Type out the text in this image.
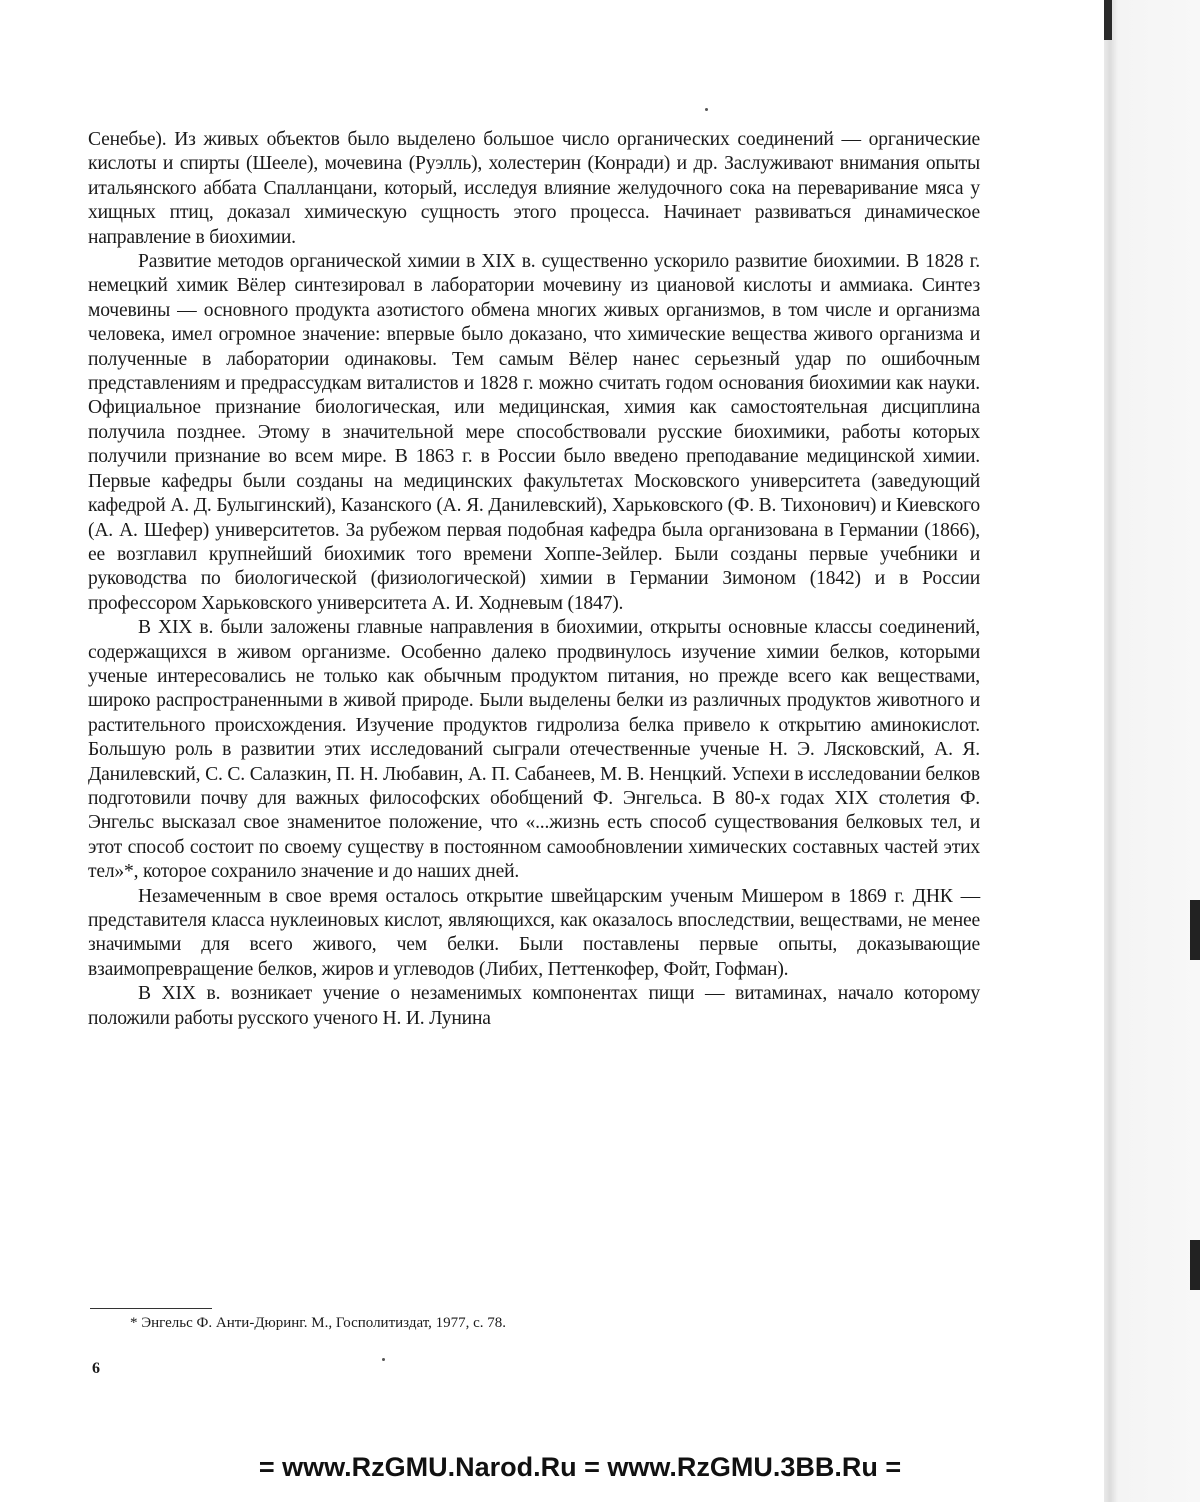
Сенебье). Из живых объектов было выделено большое число органических соединений — органические кислоты и спирты (Шееле), мочевина (Руэлль), холестерин (Конради) и др. Заслуживают внимания опыты итальянского аббата Спалланцани, который, исследуя влияние желудочного сока на переваривание мяса у хищных птиц, доказал химическую сущность этого процесса. Начинает развиваться динамическое направление в биохимии.

Развитие методов органической химии в XIX в. существенно ускорило развитие биохимии. В 1828 г. немецкий химик Вёлер синтезировал в лаборатории мочевину из циановой кислоты и аммиака. Синтез мочевины — основного продукта азотистого обмена многих живых организмов, в том числе и организма человека, имел огромное значение: впервые было доказано, что химические вещества живого организма и полученные в лаборатории одинаковы. Тем самым Вёлер нанес серьезный удар по ошибочным представлениям и предрассудкам виталистов и 1828 г. можно считать годом основания биохимии как науки. Официальное признание биологическая, или медицинская, химия как самостоятельная дисциплина получила позднее. Этому в значительной мере способствовали русские биохимики, работы которых получили признание во всем мире. В 1863 г. в России было введено преподавание медицинской химии. Первые кафедры были созданы на медицинских факультетах Московского университета (заведующий кафедрой А. Д. Булыгинский), Казанского (А. Я. Данилевский), Харьковского (Ф. В. Тихонович) и Киевского (А. А. Шефер) университетов. За рубежом первая подобная кафедра была организована в Германии (1866), ее возглавил крупнейший биохимик того времени Хоппе-Зейлер. Были созданы первые учебники и руководства по биологической (физиологической) химии в Германии Зимоном (1842) и в России профессором Харьковского университета А. И. Ходневым (1847).

В XIX в. были заложены главные направления в биохимии, открыты основные классы соединений, содержащихся в живом организме. Особенно далеко продвинулось изучение химии белков, которыми ученые интересовались не только как обычным продуктом питания, но прежде всего как веществами, широко распространенными в живой природе. Были выделены белки из различных продуктов животного и растительного происхождения. Изучение продуктов гидролиза белка привело к открытию аминокислот. Большую роль в развитии этих исследований сыграли отечественные ученые Н. Э. Лясковский, А. Я. Данилевский, С. С. Салазкин, П. Н. Любавин, А. П. Сабанеев, М. В. Ненцкий. Успехи в исследовании белков подготовили почву для важных философских обобщений Ф. Энгельса. В 80-х годах XIX столетия Ф. Энгельс высказал свое знаменитое положение, что «...жизнь есть способ существования белковых тел, и этот способ состоит по своему существу в постоянном самообновлении химических составных частей этих тел»*, которое сохранило значение и до наших дней.

Незамеченным в свое время осталось открытие швейцарским ученым Мишером в 1869 г. ДНК — представителя класса нуклеиновых кислот, являющихся, как оказалось впоследствии, веществами, не менее значимыми для всего живого, чем белки. Были поставлены первые опыты, доказывающие взаимопревращение белков, жиров и углеводов (Либих, Петтенкофер, Фойт, Гофман).

В XIX в. возникает учение о незаменимых компонентах пищи — витаминах, начало которому положили работы русского ученого Н. И. Лунина

* Энгельс Ф. Анти-Дюринг. М., Госполитиздат, 1977, с. 78.
6
= www.RzGMU.Narod.Ru = www.RzGMU.3BB.Ru =
